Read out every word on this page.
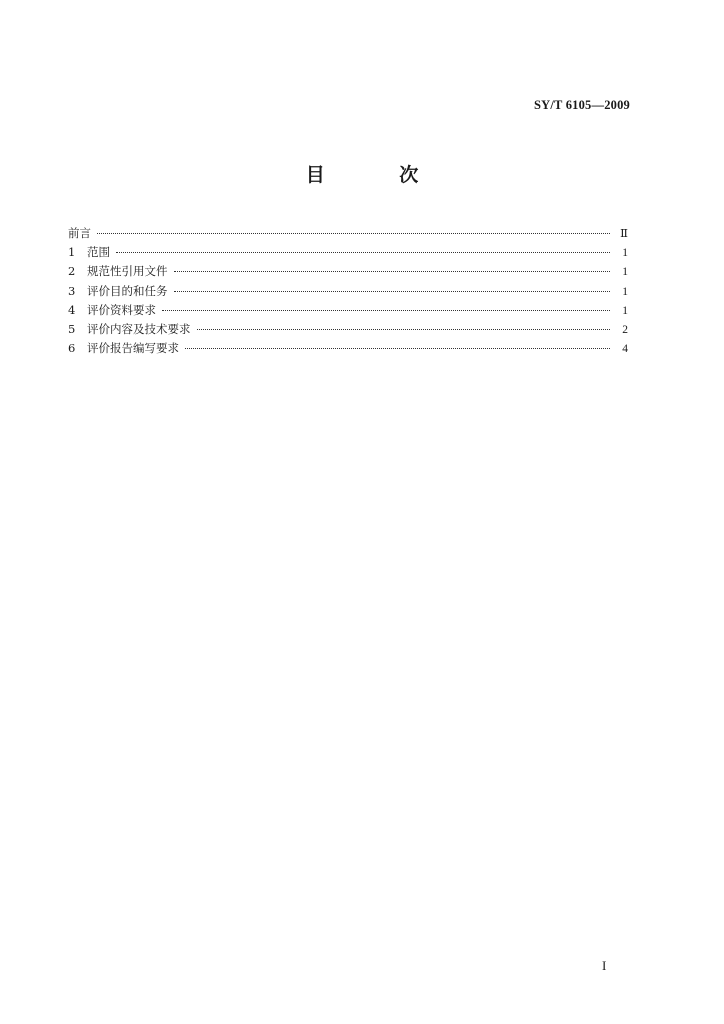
SY/T 6105—2009
目 次
前言	Ⅱ
1	范围	1
2	规范性引用文件	1
3	评价目的和任务	1
4	评价资料要求	1
5	评价内容及技术要求	2
6	评价报告编写要求	4
I
